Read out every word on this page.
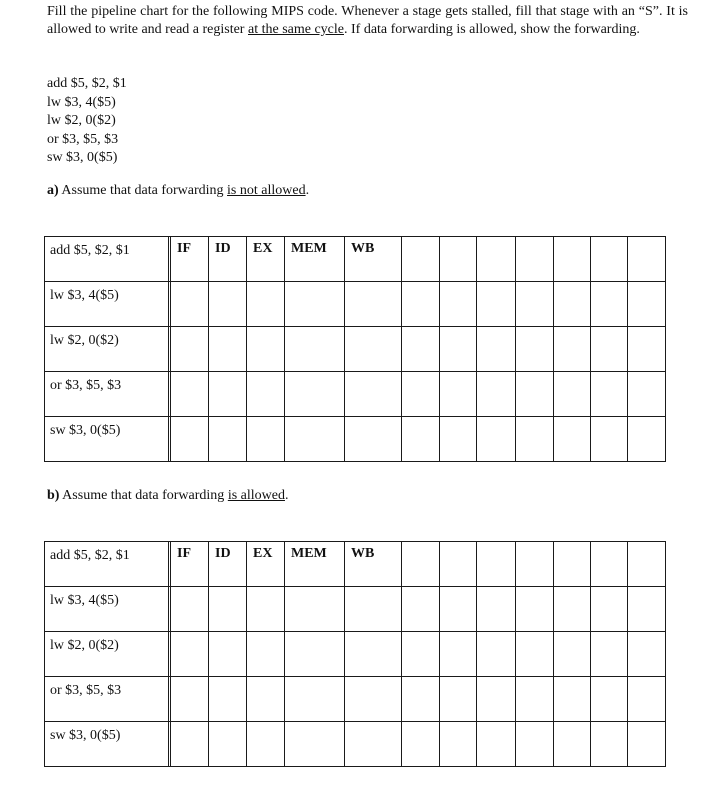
Fill the pipeline chart for the following MIPS code. Whenever a stage gets stalled, fill that stage with an “S”. It is allowed to write and read a register at the same cycle. If data forwarding is allowed, show the forwarding.

add $5, $2, $1
lw $3, 4($5)
lw $2, 0($2)
or $3, $5, $3
sw $3, 0($5)
a) Assume that data forwarding is not allowed.
add $5, $2, $1		IF	ID	EX	MEM	WB							
lw $3, 4($5)													
lw $2, 0($2)													
or $3, $5, $3													
sw $3, 0($5)													
b) Assume that data forwarding is allowed.
add $5, $2, $1		IF	ID	EX	MEM	WB							
lw $3, 4($5)													
lw $2, 0($2)													
or $3, $5, $3													
sw $3, 0($5)													
